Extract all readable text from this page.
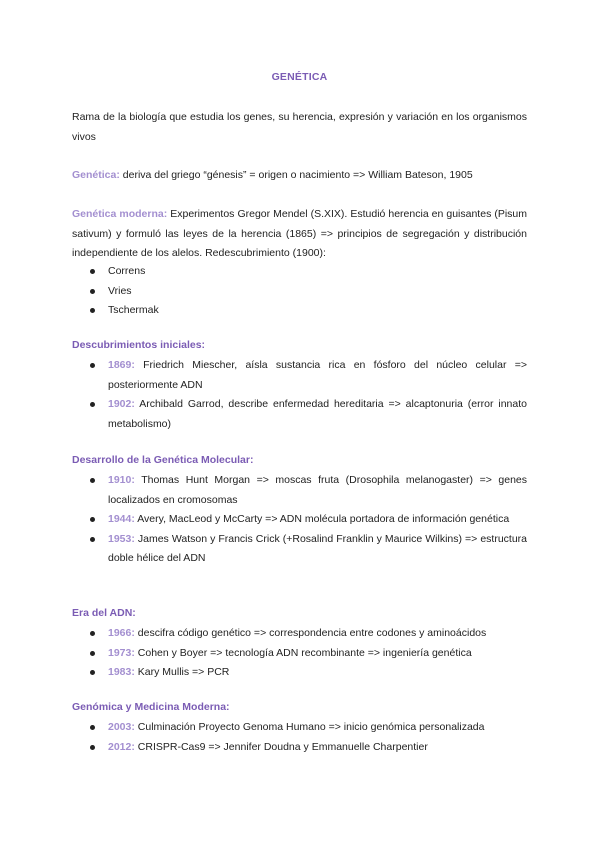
GENÉTICA
Rama de la biología que estudia los genes, su herencia, expresión y variación en los organismos vivos
Genética: deriva del griego “génesis” = origen o nacimiento => William Bateson, 1905
Genética moderna: Experimentos Gregor Mendel (S.XIX). Estudió herencia en guisantes (Pisum sativum) y formuló las leyes de la herencia (1865) => principios de segregación y distribución independiente de los alelos. Redescubrimiento (1900):
Correns
Vries
Tschermak
Descubrimientos iniciales:
1869: Friedrich Miescher, aísla sustancia rica en fósforo del núcleo celular => posteriormente ADN
1902: Archibald Garrod, describe enfermedad hereditaria => alcaptonuria (error innato metabolismo)
Desarrollo de la Genética Molecular:
1910: Thomas Hunt Morgan => moscas fruta (Drosophila melanogaster) => genes localizados en cromosomas
1944: Avery, MacLeod y McCarty => ADN molécula portadora de información genética
1953: James Watson y Francis Crick (+Rosalind Franklin y Maurice Wilkins) => estructura doble hélice del ADN
Era del ADN:
1966: descifra código genético => correspondencia entre codones y aminoácidos
1973: Cohen y Boyer => tecnología ADN recombinante => ingeniería genética
1983: Kary Mullis => PCR
Genómica y Medicina Moderna:
2003: Culminación Proyecto Genoma Humano => inicio genómica personalizada
2012: CRISPR-Cas9 => Jennifer Doudna y Emmanuelle Charpentier
